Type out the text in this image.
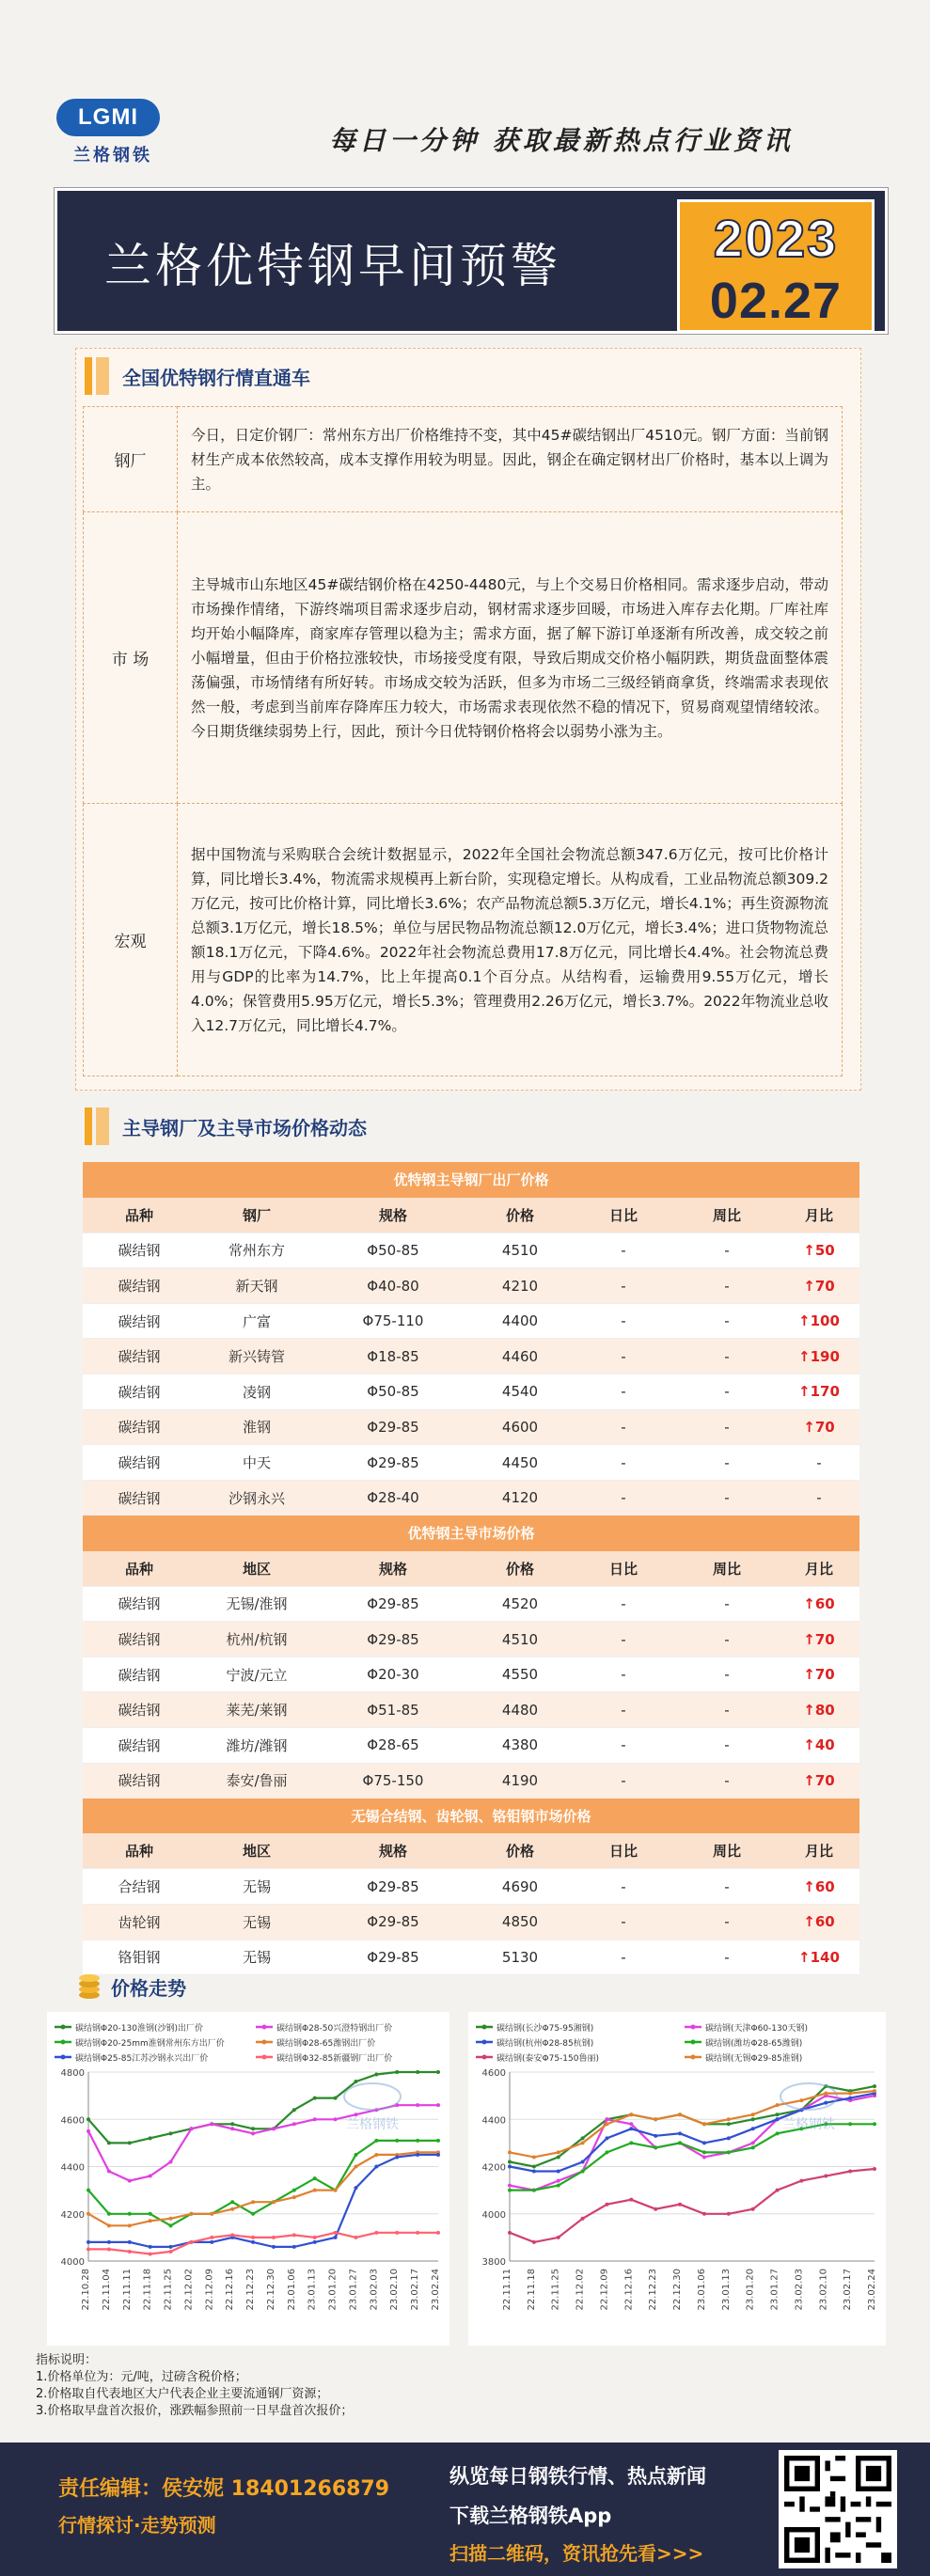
LGMI
兰格钢铁	每日一分钟 获取最新热点行业资讯
兰格优特钢早间预警	2023
02.27
全国优特钢行情直通车
钢厂	今日，日定价钢厂：常州东方出厂价格维持不变，其中45#碳结钢出厂4510元。钢厂方面：当前钢材生产成本依然较高，成本支撑作用较为明显。因此，钢企在确定钢材出厂价格时，基本以上调为主。
市 场	主导城市山东地区45#碳结钢价格在4250-4480元，与上个交易日价格相同。需求逐步启动，带动市场操作情绪，下游终端项目需求逐步启动，钢材需求逐步回暖，市场进入库存去化期。厂库社库均开始小幅降库，商家库存管理以稳为主；需求方面，据了解下游订单逐渐有所改善，成交较之前小幅增量，但由于价格拉涨较快，市场接受度有限，导致后期成交价格小幅阴跌，期货盘面整体震荡偏强，市场情绪有所好转。市场成交较为活跃，但多为市场二三级经销商拿货，终端需求表现依然一般，考虑到当前库存降库压力较大，市场需求表现依然不稳的情况下，贸易商观望情绪较浓。今日期货继续弱势上行，因此，预计今日优特钢价格将会以弱势小涨为主。
宏观	据中国物流与采购联合会统计数据显示，2022年全国社会物流总额347.6万亿元，按可比价格计算，同比增长3.4%，物流需求规模再上新台阶，实现稳定增长。从构成看，工业品物流总额309.2万亿元，按可比价格计算，同比增长3.6%；农产品物流总额5.3万亿元，增长4.1%；再生资源物流总额3.1万亿元，增长18.5%；单位与居民物品物流总额12.0万亿元，增长3.4%；进口货物物流总额18.1万亿元，下降4.6%。2022年社会物流总费用17.8万亿元，同比增长4.4%。社会物流总费用与GDP的比率为14.7%，比上年提高0.1个百分点。从结构看，运输费用9.55万亿元，增长4.0%；保管费用5.95万亿元，增长5.3%；管理费用2.26万亿元，增长3.7%。2022年物流业总收入12.7万亿元，同比增长4.7%。
主导钢厂及主导市场价格动态
优特钢主导钢厂出厂价格						
品种	钢厂	规格	价格	日比	周比	月比
碳结钢	常州东方	Φ50-85	4510	-	-	↑50
碳结钢	新天钢	Φ40-80	4210	-	-	↑70
碳结钢	广富	Φ75-110	4400	-	-	↑100
碳结钢	新兴铸管	Φ18-85	4460	-	-	↑190
碳结钢	凌钢	Φ50-85	4540	-	-	↑170
碳结钢	淮钢	Φ29-85	4600	-	-	↑70
碳结钢	中天	Φ29-85	4450	-	-	-
碳结钢	沙钢永兴	Φ28-40	4120	-	-	-
优特钢主导市场价格						
品种	地区	规格	价格	日比	周比	月比
碳结钢	无锡/淮钢	Φ29-85	4520	-	-	↑60
碳结钢	杭州/杭钢	Φ29-85	4510	-	-	↑70
碳结钢	宁波/元立	Φ20-30	4550	-	-	↑70
碳结钢	莱芜/莱钢	Φ51-85	4480	-	-	↑80
碳结钢	潍坊/潍钢	Φ28-65	4380	-	-	↑40
碳结钢	泰安/鲁丽	Φ75-150	4190	-	-	↑70
无锡合结钢、齿轮钢、铬钼钢市场价格						
品种	地区	规格	价格	日比	周比	月比
合结钢	无锡	Φ29-85	4690	-	-	↑60
齿轮钢	无锡	Φ29-85	4850	-	-	↑60
铬钼钢	无锡	Φ29-85	5130	-	-	↑140
价格走势
碳结钢Φ20-130淮钢(沙钢)出厂价	碳结钢Φ28-50兴澄特钢出厂价
碳结钢Φ20-25mm淮钢常州东方出厂价	碳结钢Φ28-65潍钢出厂价
碳结钢Φ25-85江苏沙钢永兴出厂价	碳结钢Φ32-85新疆钢厂出厂价
4000
4200
4400
4600
4800
22.10.28 22.11.04 22.11.11 22.11.18 22.11.25 22.12.02 22.12.09 22.12.16 22.12.23 22.12.30 23.01.06 23.01.13 23.01.20 23.01.27 23.02.03 23.02.10 23.02.17 23.02.24
兰格钢铁
碳结钢(长沙Φ75-95湘钢)	碳结钢(天津Φ60-130天钢)
碳结钢(杭州Φ28-85杭钢)	碳结钢(潍坊Φ28-65潍钢)
碳结钢(泰安Φ75-150鲁丽)	碳结钢(无锡Φ29-85淮钢)
3800
4000
4200
4400
4600
22.11.11 22.11.18 22.11.25 22.12.02 22.12.09 22.12.16 22.12.23 22.12.30 23.01.06 23.01.13 23.01.20 23.01.27 23.02.03 23.02.10 23.02.17 23.02.24
兰格钢铁
指标说明：
1.价格单位为：元/吨，过磅含税价格；
2.价格取自代表地区大户代表企业主要流通钢厂资源；
3.价格取早盘首次报价，涨跌幅参照前一日早盘首次报价；
责任编辑：侯安妮 18401266879
行情探讨·走势预测
纵览每日钢铁行情、热点新闻
下载兰格钢铁App
扫描二维码，资讯抢先看>>>
